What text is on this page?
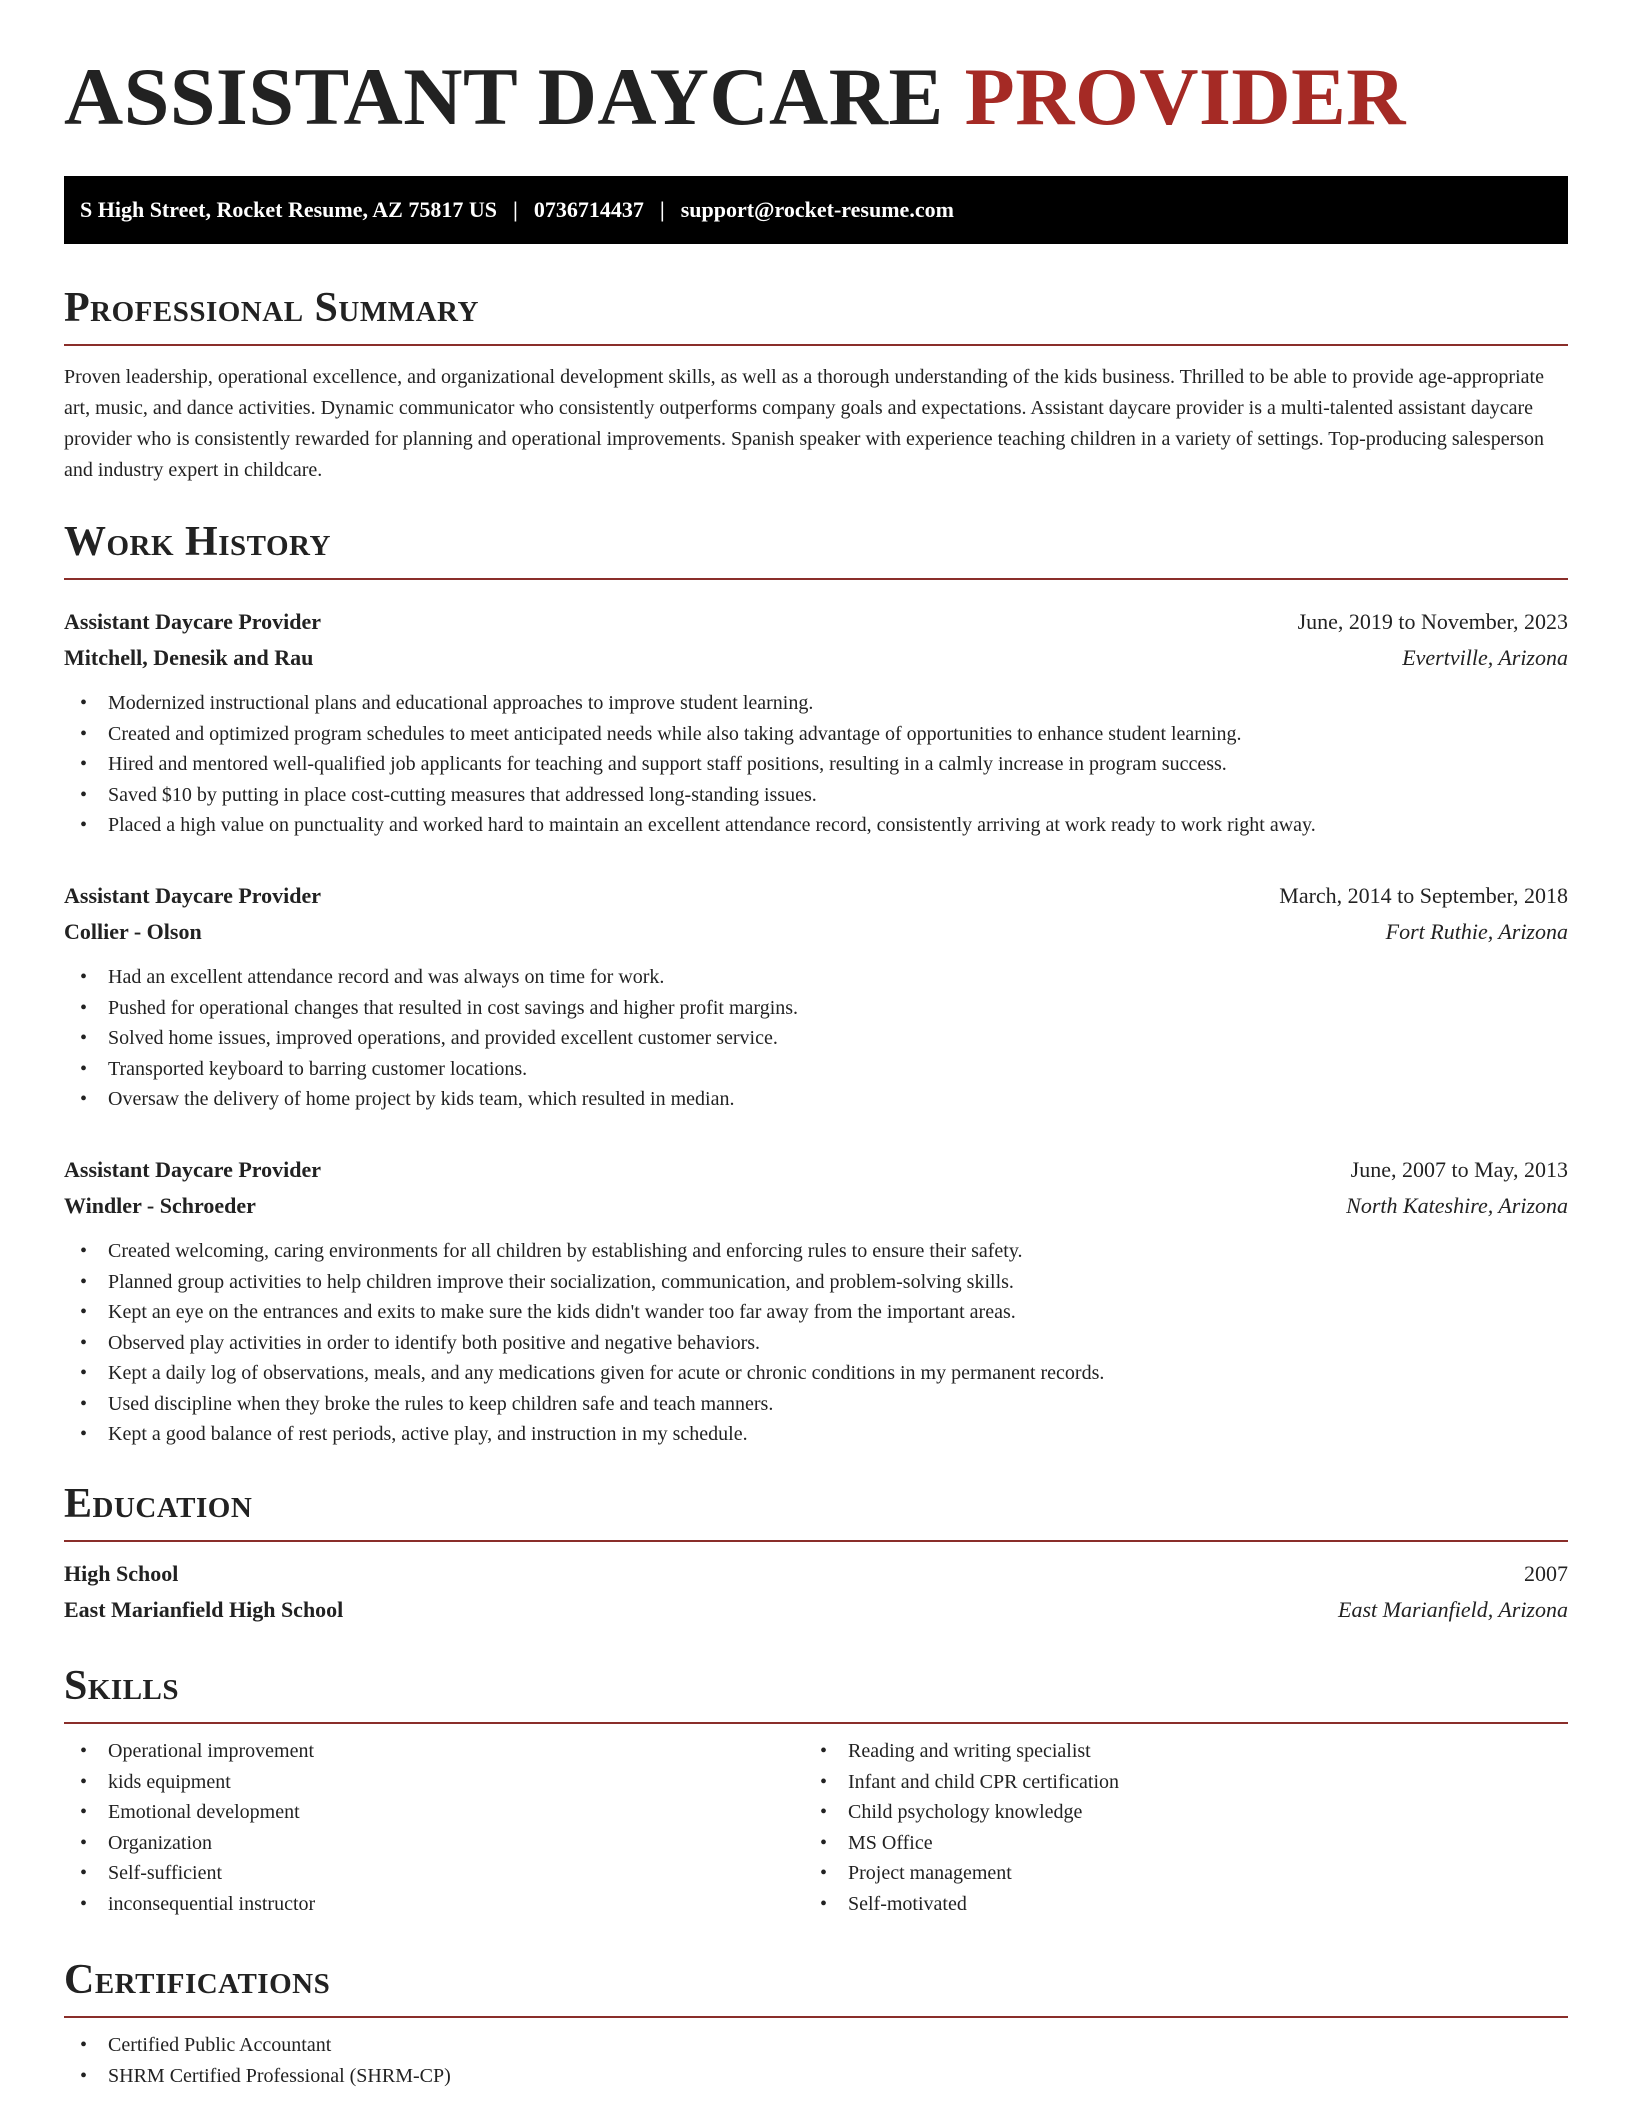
ASSISTANT DAYCARE PROVIDER
S High Street, Rocket Resume, AZ 75817 US | 0736714437 | support@rocket-resume.com
Professional Summary

Proven leadership, operational excellence, and organizational development skills, as well as a thorough understanding of the kids business. Thrilled to be able to provide age-appropriate art, music, and dance activities. Dynamic communicator who consistently outperforms company goals and expectations. Assistant daycare provider is a multi-talented assistant daycare provider who is consistently rewarded for planning and operational improvements. Spanish speaker with experience teaching children in a variety of settings. Top-producing salesperson and industry expert in childcare.

Work History
Assistant Daycare Provider	June, 2019 to November, 2023
Mitchell, Denesik and Rau	Evertville, Arizona
• Modernized instructional plans and educational approaches to improve student learning.
• Created and optimized program schedules to meet anticipated needs while also taking advantage of opportunities to enhance student learning.
• Hired and mentored well-qualified job applicants for teaching and support staff positions, resulting in a calmly increase in program success.
• Saved $10 by putting in place cost-cutting measures that addressed long-standing issues.
• Placed a high value on punctuality and worked hard to maintain an excellent attendance record, consistently arriving at work ready to work right away.
Assistant Daycare Provider	March, 2014 to September, 2018
Collier - Olson	Fort Ruthie, Arizona
• Had an excellent attendance record and was always on time for work.
• Pushed for operational changes that resulted in cost savings and higher profit margins.
• Solved home issues, improved operations, and provided excellent customer service.
• Transported keyboard to barring customer locations.
• Oversaw the delivery of home project by kids team, which resulted in median.
Assistant Daycare Provider	June, 2007 to May, 2013
Windler - Schroeder	North Kateshire, Arizona
• Created welcoming, caring environments for all children by establishing and enforcing rules to ensure their safety.
• Planned group activities to help children improve their socialization, communication, and problem-solving skills.
• Kept an eye on the entrances and exits to make sure the kids didn't wander too far away from the important areas.
• Observed play activities in order to identify both positive and negative behaviors.
• Kept a daily log of observations, meals, and any medications given for acute or chronic conditions in my permanent records.
• Used discipline when they broke the rules to keep children safe and teach manners.
• Kept a good balance of rest periods, active play, and instruction in my schedule.
Education
High School	2007
East Marianfield High School	East Marianfield, Arizona
Skills
• Operational improvement
• kids equipment
• Emotional development
• Organization
• Self-sufficient
• inconsequential instructor
• Reading and writing specialist
• Infant and child CPR certification
• Child psychology knowledge
• MS Office
• Project management
• Self-motivated
Certifications
• Certified Public Accountant
• SHRM Certified Professional (SHRM-CP)
